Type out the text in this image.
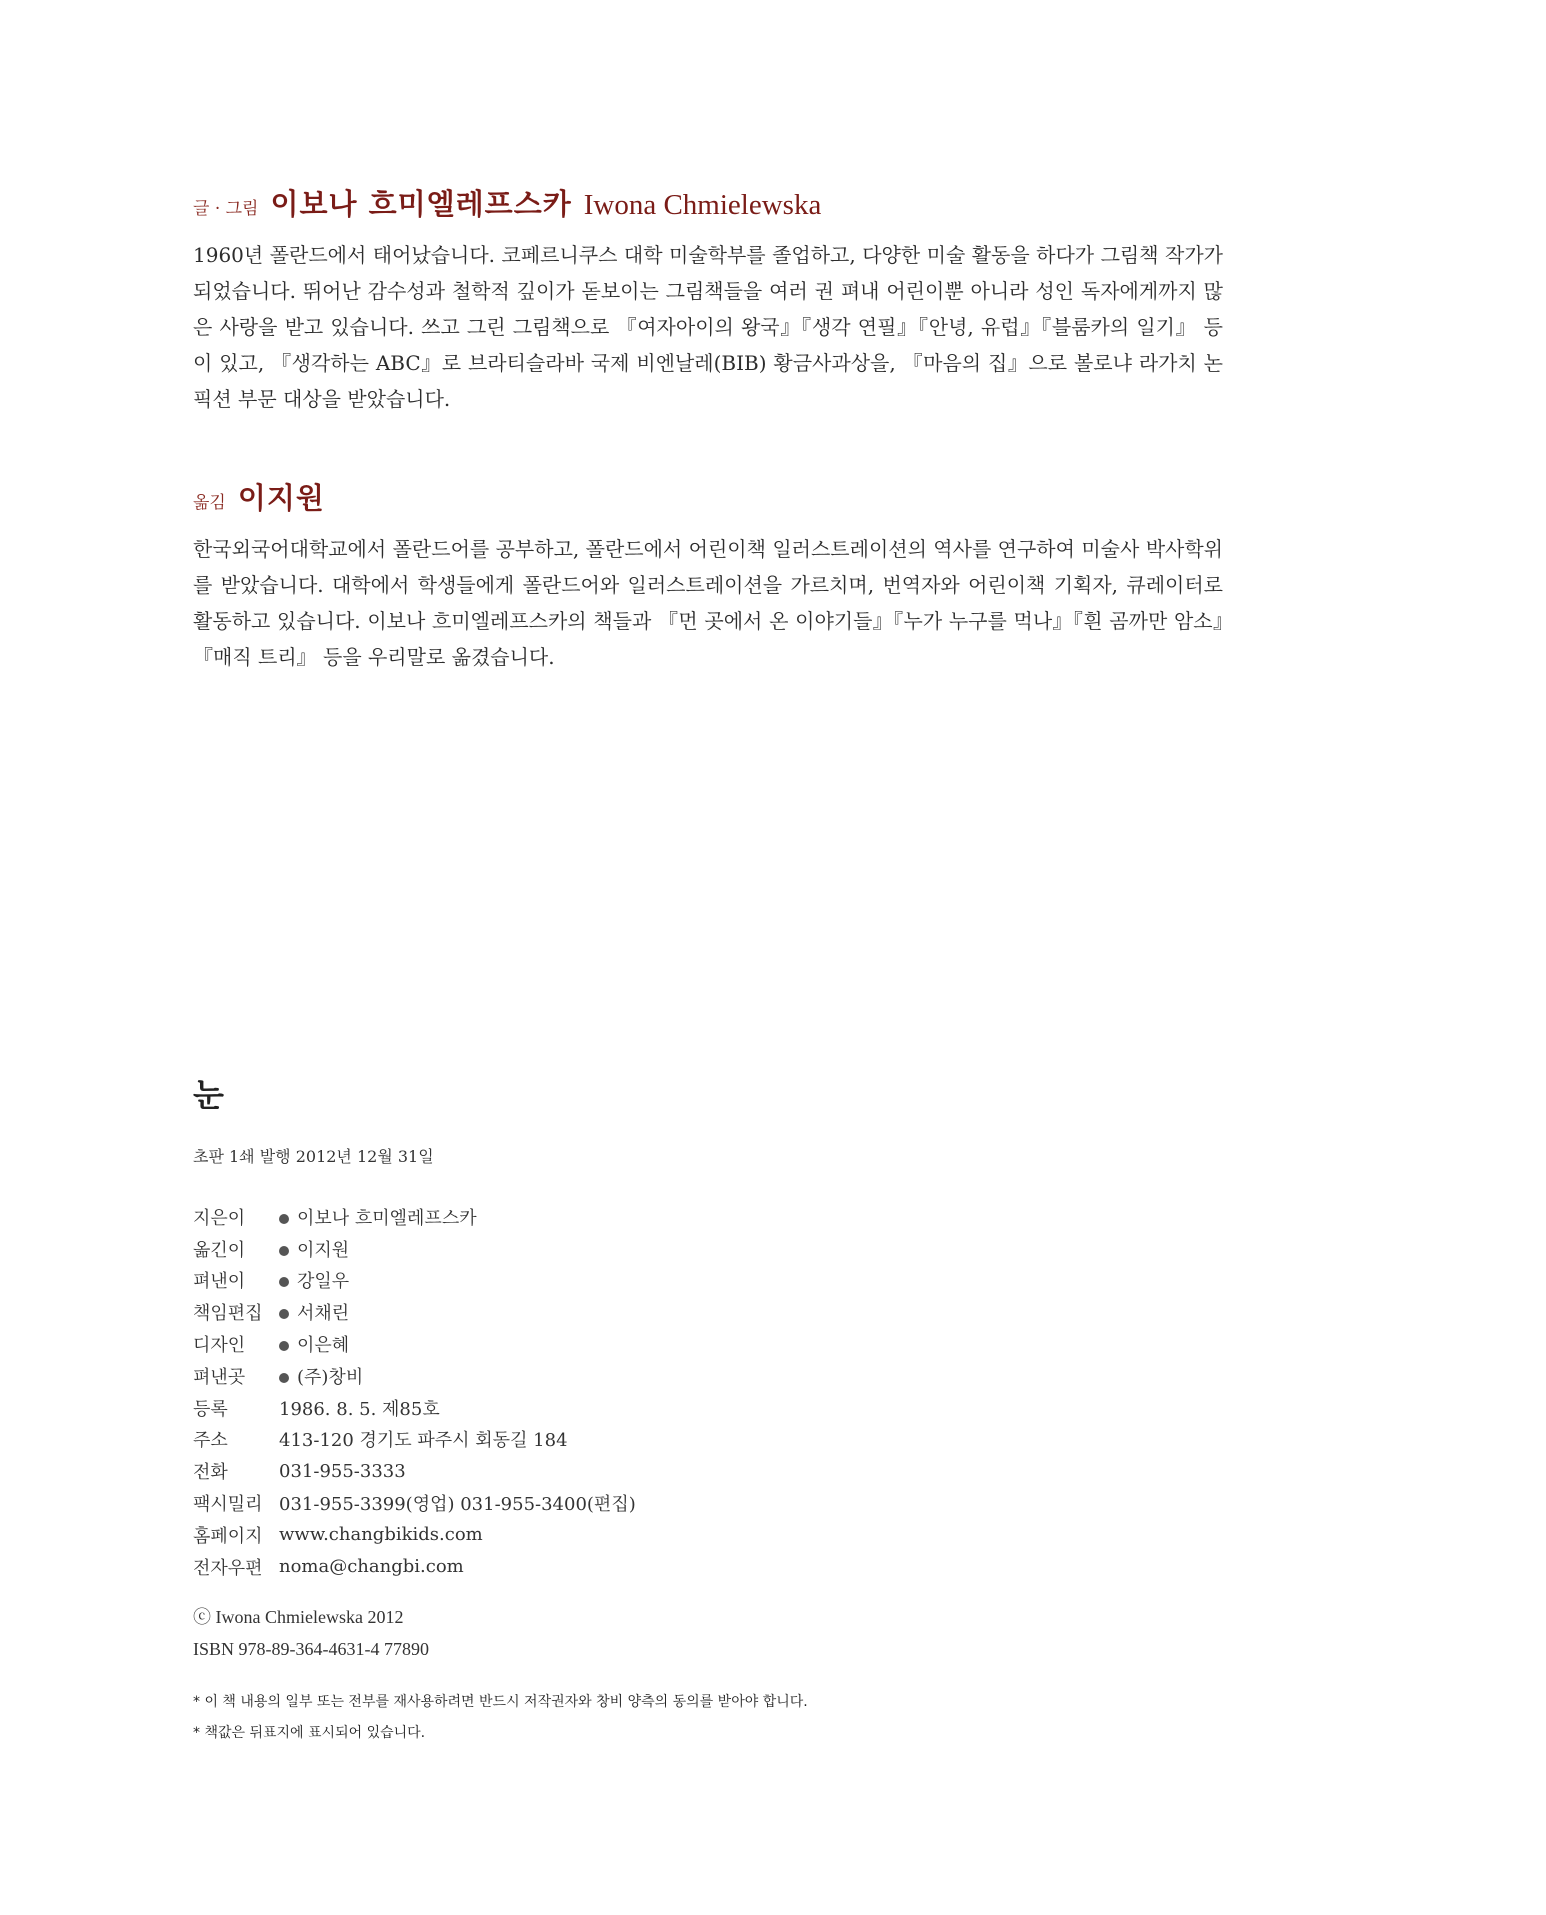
글 · 그림 이보나 흐미엘레프스카 Iwona Chmielewska

1960년 폴란드에서 태어났습니다. 코페르니쿠스 대학 미술학부를 졸업하고, 다양한 미술 활동을 하다가 그림책 작가가 되었습니다. 뛰어난 감수성과 철학적 깊이가 돋보이는 그림책들을 여러 권 펴내 어린이뿐 아니라 성인 독자에게까지 많은 사랑을 받고 있습니다. 쓰고 그린 그림책으로 『여자아이의 왕국』『생각 연필』『안녕, 유럽』『블룸카의 일기』 등이 있고, 『생각하는 ABC』로 브라티슬라바 국제 비엔날레(BIB) 황금사과상을, 『마음의 집』으로 볼로냐 라가치 논픽션 부문 대상을 받았습니다.

옮김 이지원

한국외국어대학교에서 폴란드어를 공부하고, 폴란드에서 어린이책 일러스트레이션의 역사를 연구하여 미술사 박사학위를 받았습니다. 대학에서 학생들에게 폴란드어와 일러스트레이션을 가르치며, 번역자와 어린이책 기획자, 큐레이터로 활동하고 있습니다. 이보나 흐미엘레프스카의 책들과 『먼 곳에서 온 이야기들』『누가 누구를 먹나』『흰 곰까만 암소』『매직 트리』 등을 우리말로 옮겼습니다.

눈

초판 1쇄 발행 2012년 12월 31일

지은이	이보나 흐미엘레프스카
옮긴이	이지원
펴낸이	강일우
책임편집	서채린
디자인	이은혜
펴낸곳	(주)창비
등록	1986. 8. 5. 제85호
주소	413-120 경기도 파주시 회동길 184
전화	031-955-3333
팩시밀리	031-955-3399(영업) 031-955-3400(편집)
홈페이지	www.changbikids.com
전자우편	noma@changbi.com
ⓒ Iwona Chmielewska 2012
ISBN 978-89-364-4631-4 77890
* 이 책 내용의 일부 또는 전부를 재사용하려면 반드시 저작권자와 창비 양측의 동의를 받아야 합니다.
* 책값은 뒤표지에 표시되어 있습니다.
